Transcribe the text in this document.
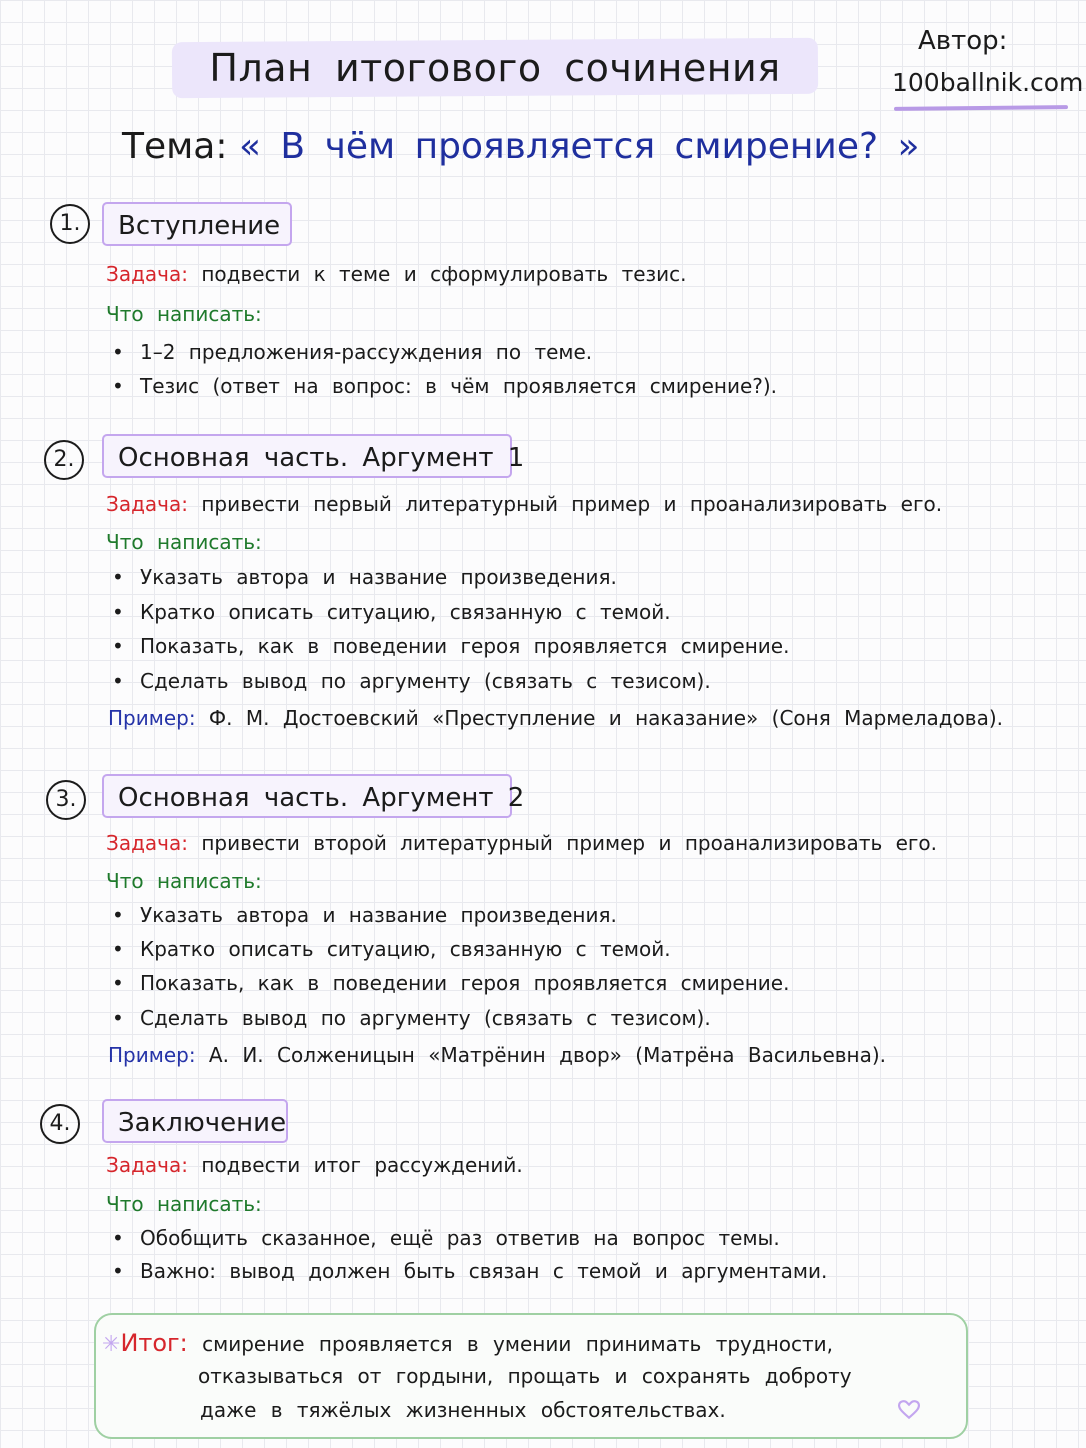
План итогового сочинения
Автор:
100ballnik.com
Тема: « В чём проявляется смирение? »
1.	Вступление
Задача: подвести к теме и сформулировать тезис.
Что написать:
• 1–2 предложения-рассуждения по теме.
• Тезис (ответ на вопрос: в чём проявляется смирение?).
2.	Основная часть. Аргумент 1
Задача: привести первый литературный пример и проанализировать его.
Что написать:
• Указать автора и название произведения.
• Кратко описать ситуацию, связанную с темой.
• Показать, как в поведении героя проявляется смирение.
• Сделать вывод по аргументу (связать с тезисом).
Пример: Ф. М. Достоевский «Преступление и наказание» (Соня Мармеладова).
3.	Основная часть. Аргумент 2
Задача: привести второй литературный пример и проанализировать его.
Что написать:
• Указать автора и название произведения.
• Кратко описать ситуацию, связанную с темой.
• Показать, как в поведении героя проявляется смирение.
• Сделать вывод по аргументу (связать с тезисом).
Пример: А. И. Солженицын «Матрёнин двор» (Матрёна Васильевна).
4.	Заключение
Задача: подвести итог рассуждений.
Что написать:
• Обобщить сказанное, ещё раз ответив на вопрос темы.
• Важно: вывод должен быть связан с темой и аргументами.
✳Итог: смирение проявляется в умении принимать трудности,
отказываться от гордыни, прощать и сохранять доброту
даже в тяжёлых жизненных обстоятельствах.
